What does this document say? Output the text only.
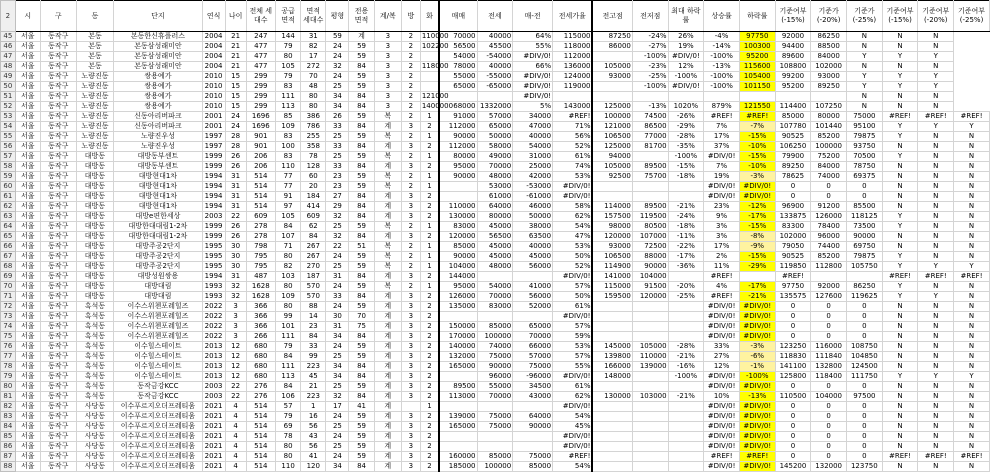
2	시	구	동	단지	연식	나이	전체 세대수	공급 면적	면적 세대수	평형	전용 면적	계/복	방	화	매매	전세	매-전	전세가율	전고점	전저점	최대 하락률	상승률	하락률	기준여부 (-15%)	기준가 (-20%)	기준가 (-25%)	기준여부 (-15%)	기준여부 (-20%)	기준여부 (-25%)
45	서울	동작구	본동	본동한신휴플러스	2004	21	247	144	31	59	계	3	2	110000	70000	40000	64%	115000	87250	-24%	26%	-4%	97750	92000	86250	N	N	N	
46	서울	동작구	본동	본동삼성래미안	2004	21	477	79	82	24	59	3	2	102200	56500	45500	55%	118000	86000	-27%	19%	-14%	100300	94400	88500	N	N	N	
47	서울	동작구	본동	본동삼성래미안	2004	21	477	80	17	24	59	3	2		54000	-54000	#DIV/0!	112000		-100%	#DIV/0!	-100%	95200	89600	84000	Y	Y	Y	
48	서울	동작구	본동	본동삼성래미안	2004	21	477	105	272	32	84	3	2	118000	78000	40000	66%	136000	105000	-23%	12%	-13%	115600	108800	102000	N	N	N	
49	서울	동작구	노량진동	쌍용예가	2010	15	299	79	70	24	59	3	2		55000	-55000	#DIV/0!	124000	93000	-25%	-100%	-100%	105400	99200	93000	Y	Y	Y	
50	서울	동작구	노량진동	쌍용예가	2010	15	299	83	48	25	59	3	2		65000	-65000	#DIV/0!	119000		-100%	#DIV/0!	-100%	101150	95200	89250	Y	Y	Y	
51	서울	동작구	노량진동	쌍용예가	2010	15	299	111	80	34	84	3	2	121000			#DIV/0!									N	N	N	
52	서울	동작구	노량진동	쌍용예가	2010	15	299	113	80	34	84	3	2	1400000	68000	1332000	5%	143000	125000	-13%	1020%	879%	121550	114400	107250	N	N	N	
53	서울	동작구	노량진동	신동아리버파크	2001	24	1696	85	386	26	59	복	2	1	91000	57000	34000	#REF!	100000	74500	-26%	#REF!	#REF!	85000	80000	75000	#REF!	#REF!	#REF!
54	서울	동작구	노량진동	신동아리버파크	2001	24	1696	109	786	33	84	계	3	2	112000	65000	47000	71%	121000	86500	-29%	7%	-7%	107780	101440	95100	Y	Y	Y
55	서울	동작구	노량진동	노량진우성	1997	28	901	83	255	25	59	복	2	1	90000	50000	40000	56%	106500	77000	-28%	17%	-15%	90525	85200	79875	Y	N	N
56	서울	동작구	노량진동	노량진우성	1997	28	901	100	358	33	84	계	3	2	112000	58000	54000	52%	125000	81700	-35%	37%	-10%	106250	100000	93750	N	N	N
57	서울	동작구	대방동	대방동부센트	1999	26	206	83	78	25	59	복	2	1	80000	49000	31000	61%	94000		-100%	#DIV/0!	-15%	79900	75200	70500	Y	N	N
58	서울	동작구	대방동	대방동부센트	1999	26	206	110	128	33	84	계	3	2	95000	70000	25000	74%	105000	89500	-15%	7%	-10%	89250	84000	78750	N	N	N
59	서울	동작구	대방동	대방현대1차	1994	31	514	77	60	23	59	복	2	1	90000	48000	42000	53%	92500	75700	-18%	19%	-3%	78625	74000	69375	N	N	N
60	서울	동작구	대방동	대방현대1차	1994	31	514	77	20	23	59	복	2	1		53000	-53000	#DIV/0!				#DIV/0!	#DIV/0!	0	0	0	N	N	N
61	서울	동작구	대방동	대방현대1차	1994	31	514	91	184	27	84	계	3	2		61000	-61000	#DIV/0!				#DIV/0!	#DIV/0!	0	0	0	N	N	N
62	서울	동작구	대방동	대방현대1차	1994	31	514	97	414	29	84	계	3	2	110000	64000	46000	58%	114000	89500	-21%	23%	-12%	96900	91200	85500	N	N	N
63	서울	동작구	대방동	대방e편한세상	2003	22	609	105	609	32	84	계	3	2	130000	80000	50000	62%	157500	119500	-24%	9%	-17%	133875	126000	118125	Y	N	N
64	서울	동작구	대방동	대방한대대림1-2차	1999	26	278	84	62	25	59	복	2	1	83000	45000	38000	54%	98000	80500	-18%	3%	-15%	83300	78400	73500	Y	N	N
65	서울	동작구	대방동	대방한대대림1-2차	1999	26	278	107	84	32	84	계	3	2	120000	56500	63500	47%	120000	107000	-11%	3%	-8%	102000	96000	90000	N	N	N
66	서울	동작구	대방동	대방주공2단지	1995	30	798	71	267	22	51	복	2	1	85000	45000	40000	53%	93000	72500	-22%	17%	-9%	79050	74400	69750	N	N	N
67	서울	동작구	대방동	대방주공2단지	1995	30	795	80	267	24	59	복	2	1	90000	45000	45000	50%	106500	88000	-17%	2%	-15%	90525	85200	79875	Y	N	N
68	서울	동작구	대방동	대방주공2단지	1995	30	795	82	270	25	59	복	2	1	104000	48000	56000	52%	114900	90000	-36%	11%	-29%	119850	112800	105750	Y	Y	Y
69	서울	동작구	대방동	대방성원쌍용	1994	31	487	103	187	31	84	계	3	2	144000			#DIV/0!	141000	104000		#REF!		#REF!			#REF!	#REF!	#REF!
70	서울	동작구	대방동	대방대림	1993	32	1628	80	570	24	59	복	2	1	95000	54000	41000	57%	115000	91500	-20%	4%	-17%	97750	92000	86250	Y	N	N
71	서울	동작구	대방동	대방대림	1993	32	1628	109	570	33	84	계	3	2	126000	70000	56000	50%	159500	120000	-25%	#REF!	-21%	135575	127600	119625	Y	Y	N
72	서울	동작구	흑석동	이수스위첸포레힐즈	2022	3	366	80	88	24	59	계	3	2	135000	83000	52000	61%				#DIV/0!	#DIV/0!	0	0	0	N	N	N
73	서울	동작구	흑석동	이수스위첸포레힐즈	2022	3	366	99	14	30	70	계	3	2				#DIV/0!				#DIV/0!	#DIV/0!	0	0	0	N	N	N
74	서울	동작구	흑석동	이수스위첸포레힐즈	2022	3	366	101	23	31	75	계	3	2	150000	85000	65000	57%				#DIV/0!	#DIV/0!	0	0	0	N	N	N
75	서울	동작구	흑석동	이수스위첸포레힐즈	2022	3	266	111	84	34	84	계	3	2	170000	100000	70000	59%				#DIV/0!	#DIV/0!	0	0	0	N	N	N
76	서울	동작구	흑석동	이수힐스테이트	2013	12	680	79	33	24	59	계	3	2	140000	74000	66000	53%	145000	105000	-28%	33%	-3%	123250	116000	108750	N	N	N
77	서울	동작구	흑석동	이수힐스테이트	2013	12	680	84	99	25	59	계	3	2	132000	75000	57000	57%	139800	110000	-21%	27%	-6%	118830	111840	104850	N	N	N
78	서울	동작구	흑석동	이수힐스테이트	2013	12	680	111	223	34	84	계	3	2	165000	90000	75000	55%	166000	139000	-16%	12%	-1%	141100	132800	124500	N	N	N
79	서울	동작구	흑석동	이수힐스테이트	2013	12	680	113	45	34	84	계	3	2		96000	-96000	#DIV/0!	148000		-100%	#DIV/0!	-100%	125800	118400	111750	Y	Y	Y
80	서울	동작구	흑석동	동작금강KCC	2003	22	276	84	21	25	59	계	3	2	89500	55000	34500	61%				#DIV/0!	#DIV/0!	0	0	0	N	N	N
81	서울	동작구	흑석동	동작금강KCC	2003	22	276	106	223	32	84	계	3	2	113000	70000	43000	62%	130000	103000	-21%	10%	-13%	110500	104000	97500	N	N	N
82	서울	동작구	사당동	이수푸르지오더프레티움	2021	4	514	57	1	17	41	계		1				#DIV/0!				#DIV/0!	#DIV/0!	0	0	0	N	N	N
83	서울	동작구	사당동	이수푸르지오더프레티움	2021	4	514	79	16	24	59	계	3	2	139000	75000	64000	54%				#DIV/0!	#DIV/0!	0	0	0	N	N	N
84	서울	동작구	사당동	이수푸르지오더프레티움	2021	4	514	69	56	25	59	계	3	2	165000	75000	90000	45%				#DIV/0!	#DIV/0!	0	0	0	N	N	N
85	서울	동작구	사당동	이수푸르지오더프레티움	2021	4	514	78	43	24	59	계	3	2				#DIV/0!				#DIV/0!	#DIV/0!	0	0	0	N	N	N
86	서울	동작구	사당동	이수푸르지오더프레티움	2021	4	514	80	56	25	59	계	3	2				#DIV/0!				#DIV/0!	#DIV/0!	0	0	0	N	N	N
87	서울	동작구	사당동	이수푸르지오더프레티움	2021	4	514	80	41	24	59	계	3	2	160000	85000	75000	#REF!				#REF!	#REF!	0	0	0	#REF!	#REF!	#REF!
88	서울	동작구	사당동	이수푸르지오더프레티움	2021	4	514	110	120	34	84	계	3	2	185000	100000	85000	54%				#DIV/0!	#DIV/0!	145200	132000	123750	N	N	N
